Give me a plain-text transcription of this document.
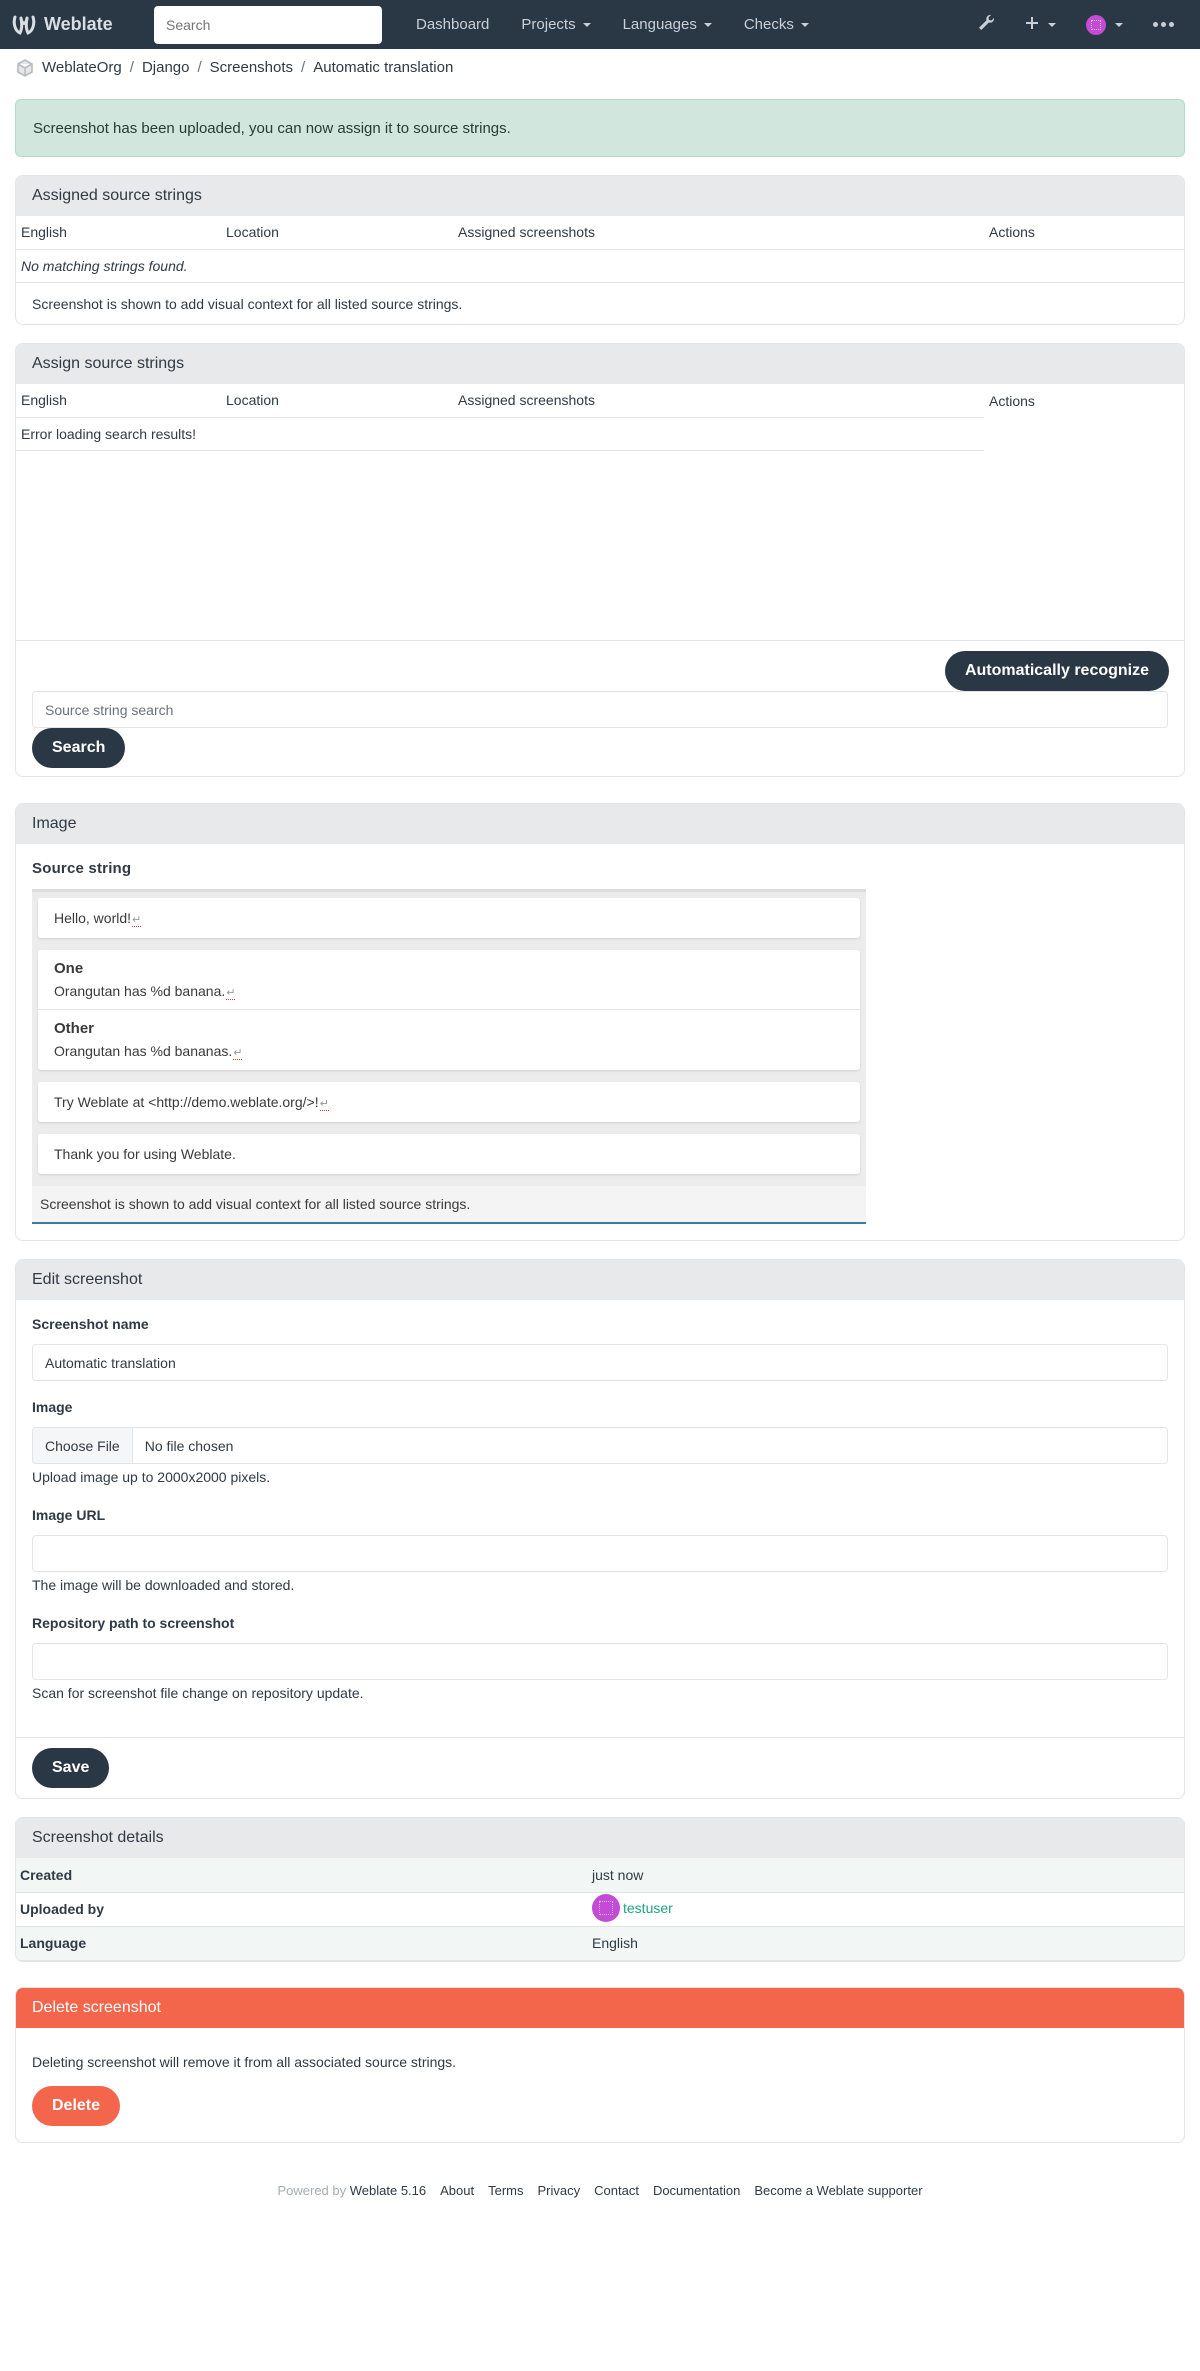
Weblate
Search	Dashboard Projects	Languages	Checks
WeblateOrg / Django / Screenshots / Automatic translation
Screenshot has been uploaded, you can now assign it to source strings.
Assigned source strings
English	Location	Assigned screenshots	Actions
No matching strings found.
Screenshot is shown to add visual context for all listed source strings.
Assign source strings
English	Location	Assigned screenshots	Actions
Error loading search results!			
Automatically recognize
Source string search Search
Image
Source string
Hello, world!↵
One
Orangutan has %d banana.↵
Other
Orangutan has %d bananas.↵
Try Weblate at <http://demo.weblate.org/>!↵
Thank you for using Weblate.
Screenshot is shown to add visual context for all listed source strings.
Edit screenshot
Screenshot name
Automatic translation
Image
Choose File	No file chosen
Upload image up to 2000x2000 pixels.
Image URL
The image will be downloaded and stored.
Repository path to screenshot
Scan for screenshot file change on repository update.
Save
Screenshot details
Created	just now
Uploaded by	testuser

Language	English
Delete screenshot
Deleting screenshot will remove it from all associated source strings.
Delete
Powered by Weblate 5.16 About Terms Privacy Contact Documentation Become a Weblate supporter
